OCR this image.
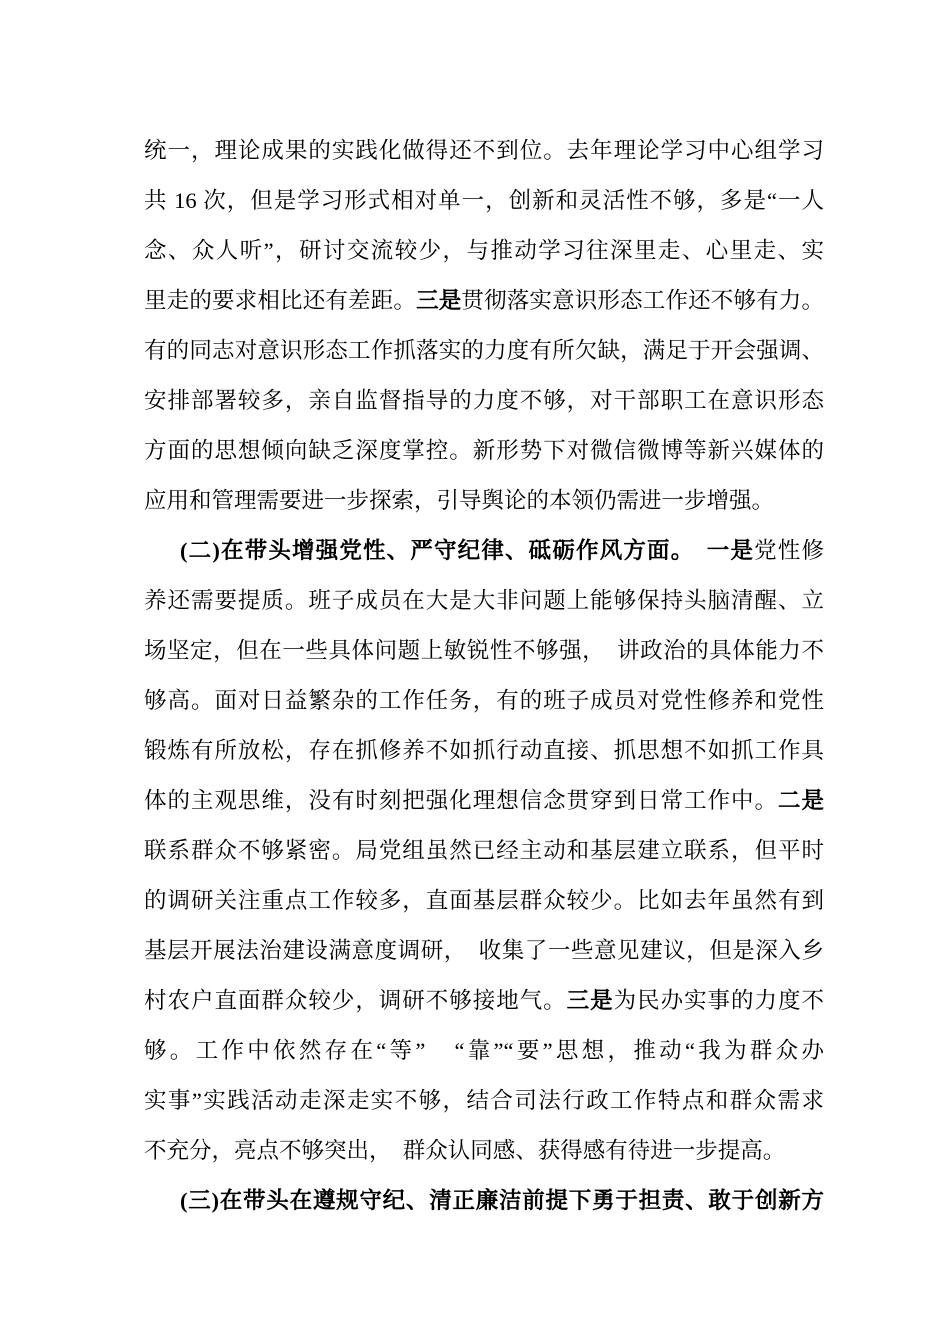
统一，理论成果的实践化做得还不到位。去年理论学习中心组学习
共 16 次，但是学习形式相对单一，创新和灵活性不够，多是“一人
念、众人听”，研讨交流较少，与推动学习往深里走、心里走、实
里走的要求相比还有差距。三是贯彻落实意识形态工作还不够有力。
有的同志对意识形态工作抓落实的力度有所欠缺，满足于开会强调、
安排部署较多，亲自监督指导的力度不够，对干部职工在意识形态
方面的思想倾向缺乏深度掌控。新形势下对微信微博等新兴媒体的
应用和管理需要进一步探索，引导舆论的本领仍需进一步增强。
(二)在带头增强党性、严守纪律、砥砺作风方面。　一是党性修
养还需要提质。班子成员在大是大非问题上能够保持头脑清醒、立
场坚定，但在一些具体问题上敏锐性不够强，　讲政治的具体能力不
够高。面对日益繁杂的工作任务，有的班子成员对党性修养和党性
锻炼有所放松，存在抓修养不如抓行动直接、抓思想不如抓工作具
体的主观思维，没有时刻把强化理想信念贯穿到日常工作中。二是
联系群众不够紧密。局党组虽然已经主动和基层建立联系，但平时
的调研关注重点工作较多，直面基层群众较少。比如去年虽然有到
基层开展法治建设满意度调研，　收集了一些意见建议，但是深入乡
村农户直面群众较少，调研不够接地气。三是为民办实事的力度不
够。工作中依然存在“等”　“靠”“要”思想，推动“我为群众办
实事”实践活动走深走实不够，结合司法行政工作特点和群众需求
不充分，亮点不够突出，　群众认同感、获得感有待进一步提高。
(三)在带头在遵规守纪、清正廉洁前提下勇于担责、敢于创新方
